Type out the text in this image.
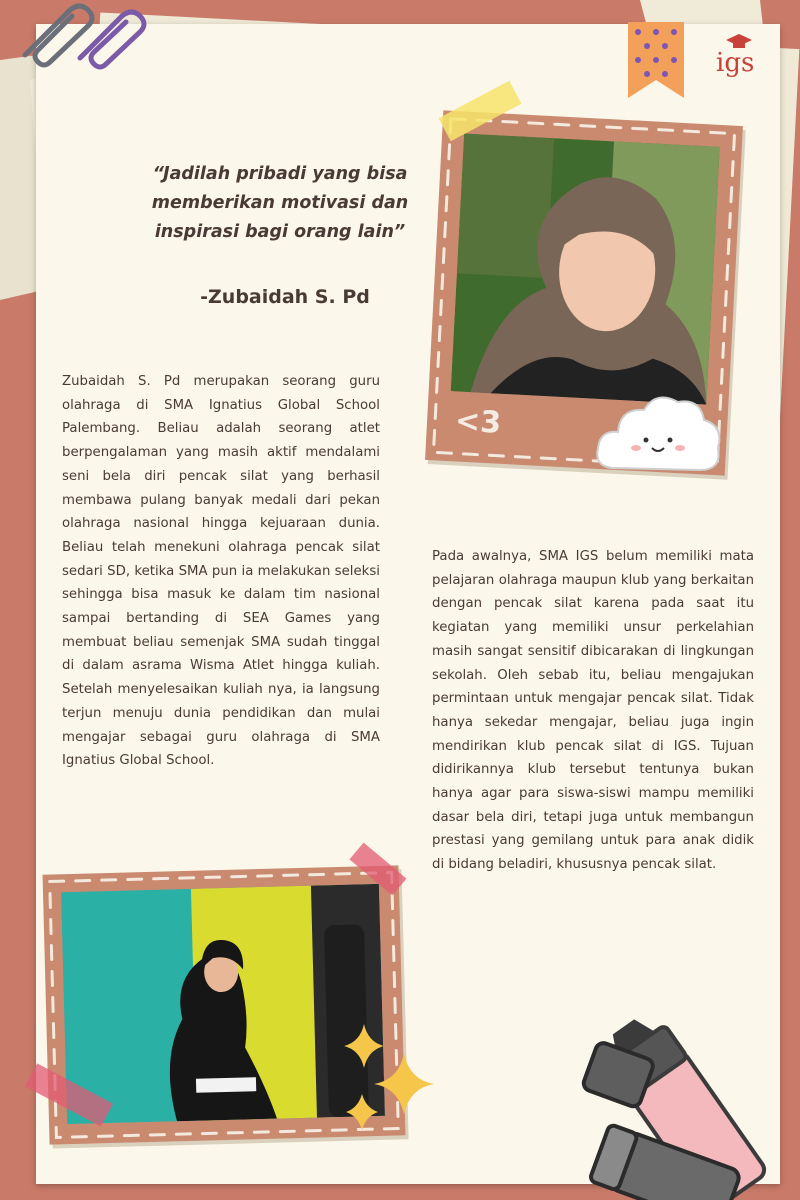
igs
“Jadilah pribadi yang bisa memberikan motivasi dan inspirasi bagi orang lain”
-Zubaidah S. Pd
<3

Zubaidah S. Pd merupakan seorang guru olahraga di SMA Ignatius Global School Palembang. Beliau adalah seorang atlet berpengalaman yang masih aktif mendalami seni bela diri pencak silat yang berhasil membawa pulang banyak medali dari pekan olahraga nasional hingga kejuaraan dunia. Beliau telah menekuni olahraga pencak silat sedari SD, ketika SMA pun ia melakukan seleksi sehingga bisa masuk ke dalam tim nasional sampai bertanding di SEA Games yang membuat beliau semenjak SMA sudah tinggal di dalam asrama Wisma Atlet hingga kuliah. Setelah menyelesaikan kuliah nya, ia langsung terjun menuju dunia pendidikan dan mulai mengajar sebagai guru olahraga di SMA Ignatius Global School.

Pada awalnya, SMA IGS belum memiliki mata pelajaran olahraga maupun klub yang berkaitan dengan pencak silat karena pada saat itu kegiatan yang memiliki unsur perkelahian masih sangat sensitif dibicarakan di lingkungan sekolah. Oleh sebab itu, beliau mengajukan permintaan untuk mengajar pencak silat. Tidak hanya sekedar mengajar, beliau juga ingin mendirikan klub pencak silat di IGS. Tujuan didirikannya klub tersebut tentunya bukan hanya agar para siswa-siswi mampu memiliki dasar bela diri, tetapi juga untuk membangun prestasi yang gemilang untuk para anak didik di bidang beladiri, khususnya pencak silat.
